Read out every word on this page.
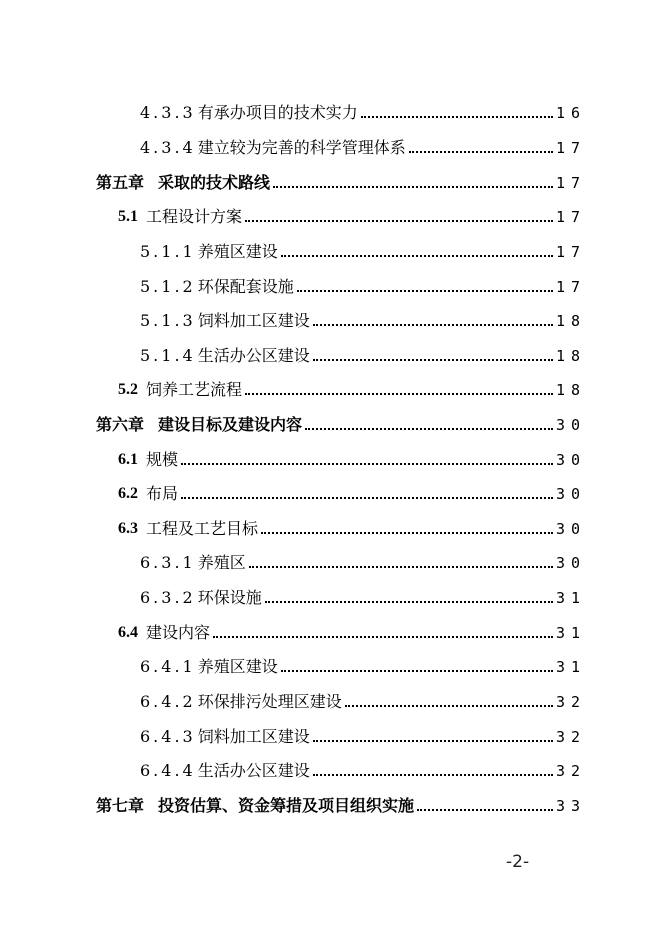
4.3.3 有承办项目的技术实力	16
4.3.4 建立较为完善的科学管理体系	17
第五章 采取的技术路线	17
5.1 工程设计方案	17
5.1.1 养殖区建设	17
5.1.2 环保配套设施	17
5.1.3 饲料加工区建设	18
5.1.4 生活办公区建设	18
5.2 饲养工艺流程	18
第六章 建设目标及建设内容	30
6.1 规模	30
6.2 布局	30
6.3 工程及工艺目标	30
6.3.1 养殖区	30
6.3.2 环保设施	31
6.4 建设内容	31
6.4.1 养殖区建设	31
6.4.2 环保排污处理区建设	32
6.4.3 饲料加工区建设	32
6.4.4 生活办公区建设	32
第七章 投资估算、资金筹措及项目组织实施	33
-2-
